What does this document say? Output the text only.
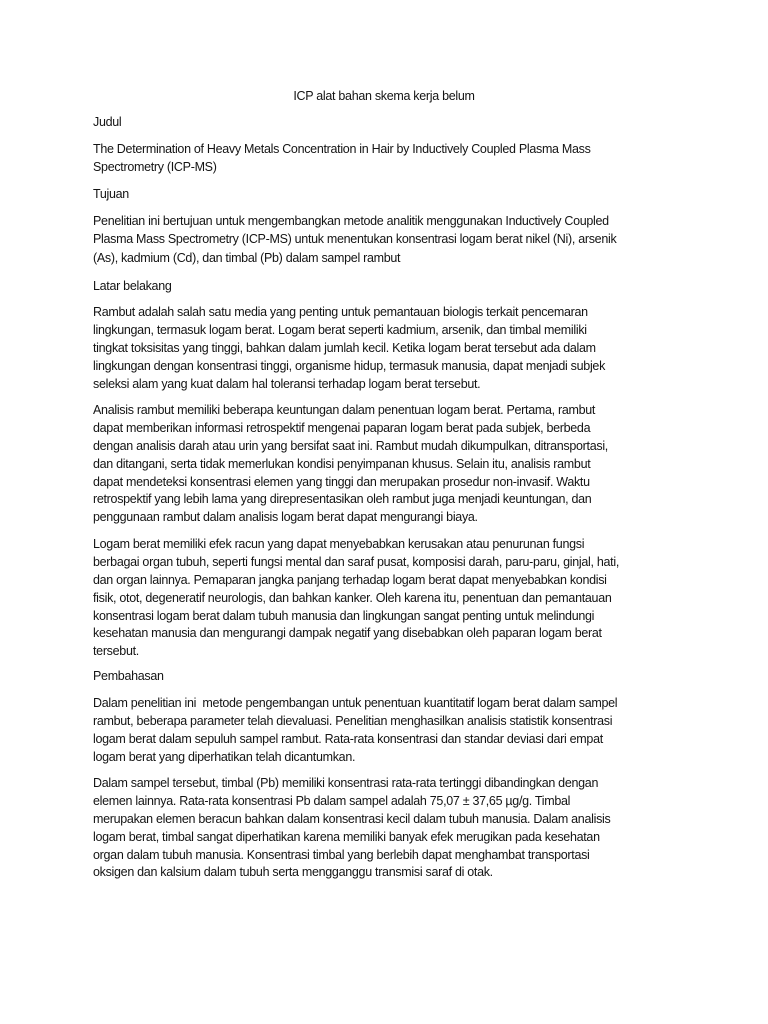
ICP alat bahan skema kerja belum
Judul
The Determination of Heavy Metals Concentration in Hair by Inductively Coupled Plasma Mass
Spectrometry (ICP-MS)
Tujuan
Penelitian ini bertujuan untuk mengembangkan metode analitik menggunakan Inductively Coupled
Plasma Mass Spectrometry (ICP-MS) untuk menentukan konsentrasi logam berat nikel (Ni), arsenik
(As), kadmium (Cd), dan timbal (Pb) dalam sampel rambut
Latar belakang
Rambut adalah salah satu media yang penting untuk pemantauan biologis terkait pencemaran
lingkungan, termasuk logam berat. Logam berat seperti kadmium, arsenik, dan timbal memiliki
tingkat toksisitas yang tinggi, bahkan dalam jumlah kecil. Ketika logam berat tersebut ada dalam
lingkungan dengan konsentrasi tinggi, organisme hidup, termasuk manusia, dapat menjadi subjek
seleksi alam yang kuat dalam hal toleransi terhadap logam berat tersebut.
Analisis rambut memiliki beberapa keuntungan dalam penentuan logam berat. Pertama, rambut
dapat memberikan informasi retrospektif mengenai paparan logam berat pada subjek, berbeda
dengan analisis darah atau urin yang bersifat saat ini. Rambut mudah dikumpulkan, ditransportasi,
dan ditangani, serta tidak memerlukan kondisi penyimpanan khusus. Selain itu, analisis rambut
dapat mendeteksi konsentrasi elemen yang tinggi dan merupakan prosedur non-invasif. Waktu
retrospektif yang lebih lama yang direpresentasikan oleh rambut juga menjadi keuntungan, dan
penggunaan rambut dalam analisis logam berat dapat mengurangi biaya.
Logam berat memiliki efek racun yang dapat menyebabkan kerusakan atau penurunan fungsi
berbagai organ tubuh, seperti fungsi mental dan saraf pusat, komposisi darah, paru-paru, ginjal, hati,
dan organ lainnya. Pemaparan jangka panjang terhadap logam berat dapat menyebabkan kondisi
fisik, otot, degeneratif neurologis, dan bahkan kanker. Oleh karena itu, penentuan dan pemantauan
konsentrasi logam berat dalam tubuh manusia dan lingkungan sangat penting untuk melindungi
kesehatan manusia dan mengurangi dampak negatif yang disebabkan oleh paparan logam berat
tersebut.
Pembahasan
Dalam penelitian ini  metode pengembangan untuk penentuan kuantitatif logam berat dalam sampel
rambut, beberapa parameter telah dievaluasi. Penelitian menghasilkan analisis statistik konsentrasi
logam berat dalam sepuluh sampel rambut. Rata-rata konsentrasi dan standar deviasi dari empat
logam berat yang diperhatikan telah dicantumkan.
Dalam sampel tersebut, timbal (Pb) memiliki konsentrasi rata-rata tertinggi dibandingkan dengan
elemen lainnya. Rata-rata konsentrasi Pb dalam sampel adalah 75,07 ± 37,65 µg/g. Timbal
merupakan elemen beracun bahkan dalam konsentrasi kecil dalam tubuh manusia. Dalam analisis
logam berat, timbal sangat diperhatikan karena memiliki banyak efek merugikan pada kesehatan
organ dalam tubuh manusia. Konsentrasi timbal yang berlebih dapat menghambat transportasi
oksigen dan kalsium dalam tubuh serta mengganggu transmisi saraf di otak.
